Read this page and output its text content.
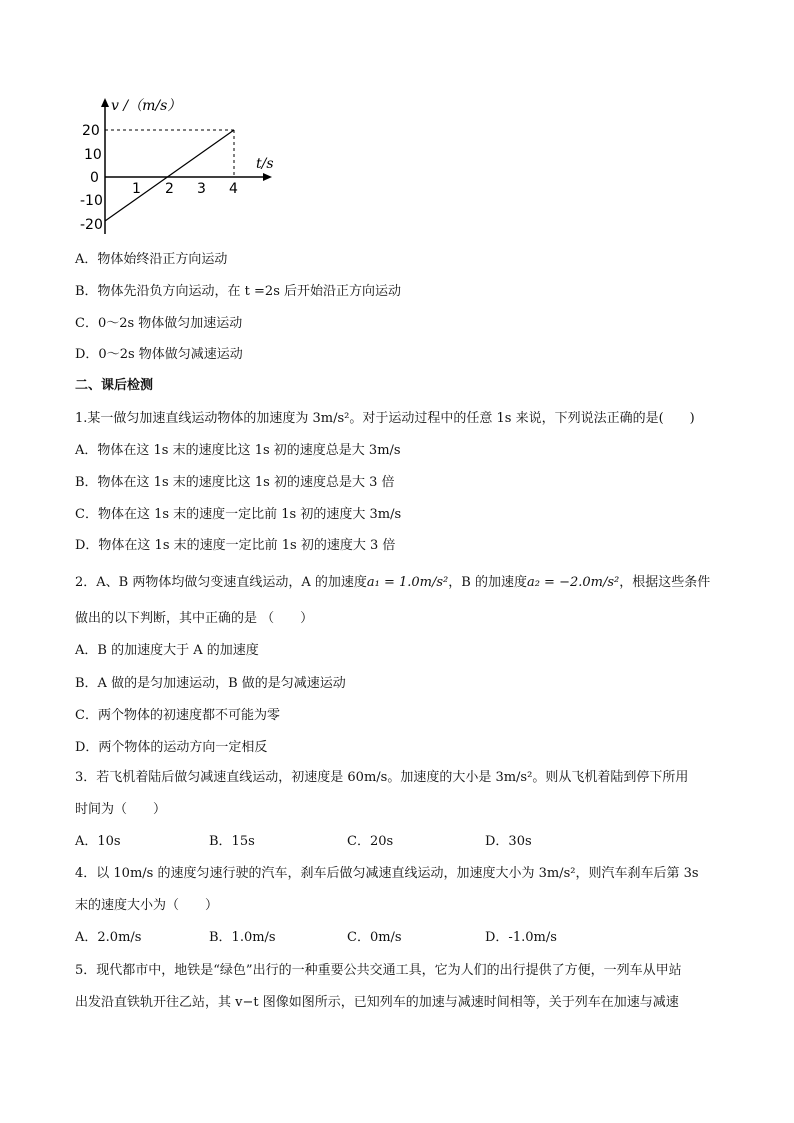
v /（m/s）
t/s
20
10
0
-10
-20
1 2 3 4
A．物体始终沿正方向运动
B．物体先沿负方向运动，在 t =2s 后开始沿正方向运动
C．0～2s 物体做匀加速运动
D．0～2s 物体做匀减速运动
二、课后检测
1.某一做匀加速直线运动物体的加速度为 3m/s²。对于运动过程中的任意 1s 来说，下列说法正确的是(　　)
A．物体在这 1s 末的速度比这 1s 初的速度总是大 3m/s
B．物体在这 1s 末的速度比这 1s 初的速度总是大 3 倍
C．物体在这 1s 末的速度一定比前 1s 初的速度大 3m/s
D．物体在这 1s 末的速度一定比前 1s 初的速度大 3 倍
2．A、B 两物体均做匀变速直线运动，A 的加速度a₁ = 1.0m/s²，B 的加速度a₂ = −2.0m/s²，根据这些条件
做出的以下判断，其中正确的是 （　　）
A．B 的加速度大于 A 的加速度
B．A 做的是匀加速运动，B 做的是匀减速运动
C．两个物体的初速度都不可能为零
D．两个物体的运动方向一定相反
3．若飞机着陆后做匀减速直线运动，初速度是 60m/s。加速度的大小是 3m/s²。则从飞机着陆到停下所用
时间为（　　）
A．10s	B．15s	C．20s	D．30s
4．以 10m/s 的速度匀速行驶的汽车，刹车后做匀减速直线运动，加速度大小为 3m/s²，则汽车刹车后第 3s
末的速度大小为（　　）
A．2.0m/s	B．1.0m/s	C．0m/s	D．-1.0m/s
5．现代都市中，地铁是“绿色”出行的一种重要公共交通工具，它为人们的出行提供了方便，一列车从甲站
出发沿直铁轨开往乙站，其 v−t 图像如图所示，已知列车的加速与减速时间相等，关于列车在加速与减速
